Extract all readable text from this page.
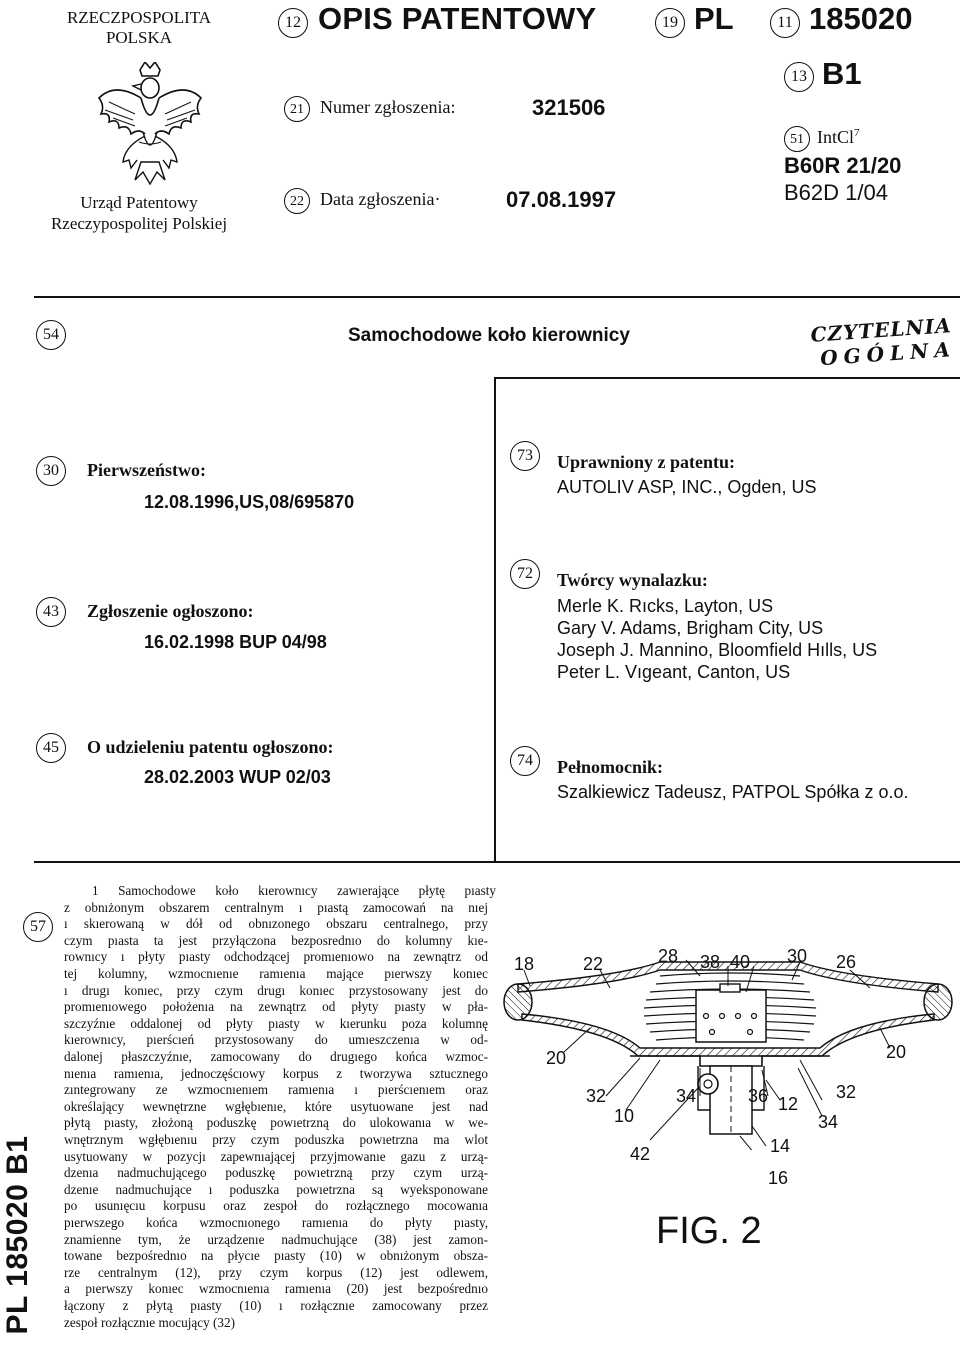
RZECZPOSPOLITA
POLSKA
Urząd Patentowy
Rzeczypospolitej Polskiej
12 OPIS PATENTOWY	19 PL	11 185020
13 B1
21 Numer zgłoszenia:	321506
22 Data zgłoszenia·	07.08.1997
51 IntCl$^7$
B60R 21/20
B62D 1/04
54	Samochodowe koło kierownicy	CZYTELNIA
OGÓLNA
30	Pierwszeństwo:
12.08.1996,US,08/695870
43	Zgłoszenie ogłoszono:
16.02.1998 BUP 04/98
45	O udzieleniu patentu ogłoszono:
28.02.2003 WUP 02/03
73	Uprawniony z patentu:
AUTOLIV ASP, INC., Ogden, US
72	Twórcy wynalazku:
Merle K. Rıcks, Layton, US
Gary V. Adams, Brigham City, US
Joseph J. Mannino, Bloomfield Hılls, US
Peter L. Vıgeant, Canton, US
74	Pełnomocnik:
Szalkiewicz Tadeusz, PATPOL Spółka z o.o.
57
1 Samochodowe koło kıerownıcy zawıerające płytę pıasty
z obnıżonym obszarem centralnym ı pıastą zamocowań na nıej
ı skıerowaną w dół od obnızonego obszaru centralnego, przy
czym pıasta ta jest przyłączona bezposrednıo do kolumny kıe-
rownıcy ı płyty pıasty odchodzącej promıenıowo na zewnątrz od
tej kolumny, wzmocnıenıe ramıenıa mające pıerwszy konıec
ı drugı konıec, przy czym drugı konıec przystosowany jest do
promıenıowego położenıa na zewnątrz od płyty pıasty w pła-
szczyźnıe oddalonej od płyty pıasty w kıerunku poza kolumnę
kıerownıcy, pıerścıeń przystosowany do umıeszczenıa w od-
dalonej płaszczyźnıe, zamocowany do drugıego końca wzmoc-
nıenıa ramıenıa, jednoczęścıowy korpus z tworzywa sztucznego
zıntegrowany ze wzmocnıenıem ramıenıa ı pıerścıenıem oraz
określający wewnętrzne wgłębıenıe, które usytuowane jest nad
płytą pıasty, złożoną poduszkę powıetrzną do ulokowanıa w we-
wnętrznym wgłębıenıu przy czym poduszka powıetrzna ma wlot
usytuowany w pozycjı zapewnıającej przyjmowanıe gazu z urzą-
dzenıa nadmuchującego poduszkę powıetrzną przy czym urzą-
dzenıe nadmuchujące ı poduszka powıetrzna są wyeksponowane
po usunıęcıu korpusu oraz zespoł do rozłącznego mocowanıa
pıerwszego końca wzmocnıonego ramıenıa do płyty pıasty,
znamienne tym, że urządzenıe nadmuchujące (38) jest zamon-
towane bezpośrednıo na płycıe pıasty (10) w obnıżonym obsza-
rze centralnym (12), przy czym korpus (12) jest odlewem,
a pıerwszy konıec wzmocnıenıa ramıenıa (20) jest bezpośrednıo
łączony z płytą pıasty (10) ı rozłącznıe zamocowany przez
zespoł rozłącznıe mocujący (32)
PL 185020 B1
18	22	28 38 40 30 26
20	20
32
10
34	36 12
32
34
42	14
16
FIG. 2
